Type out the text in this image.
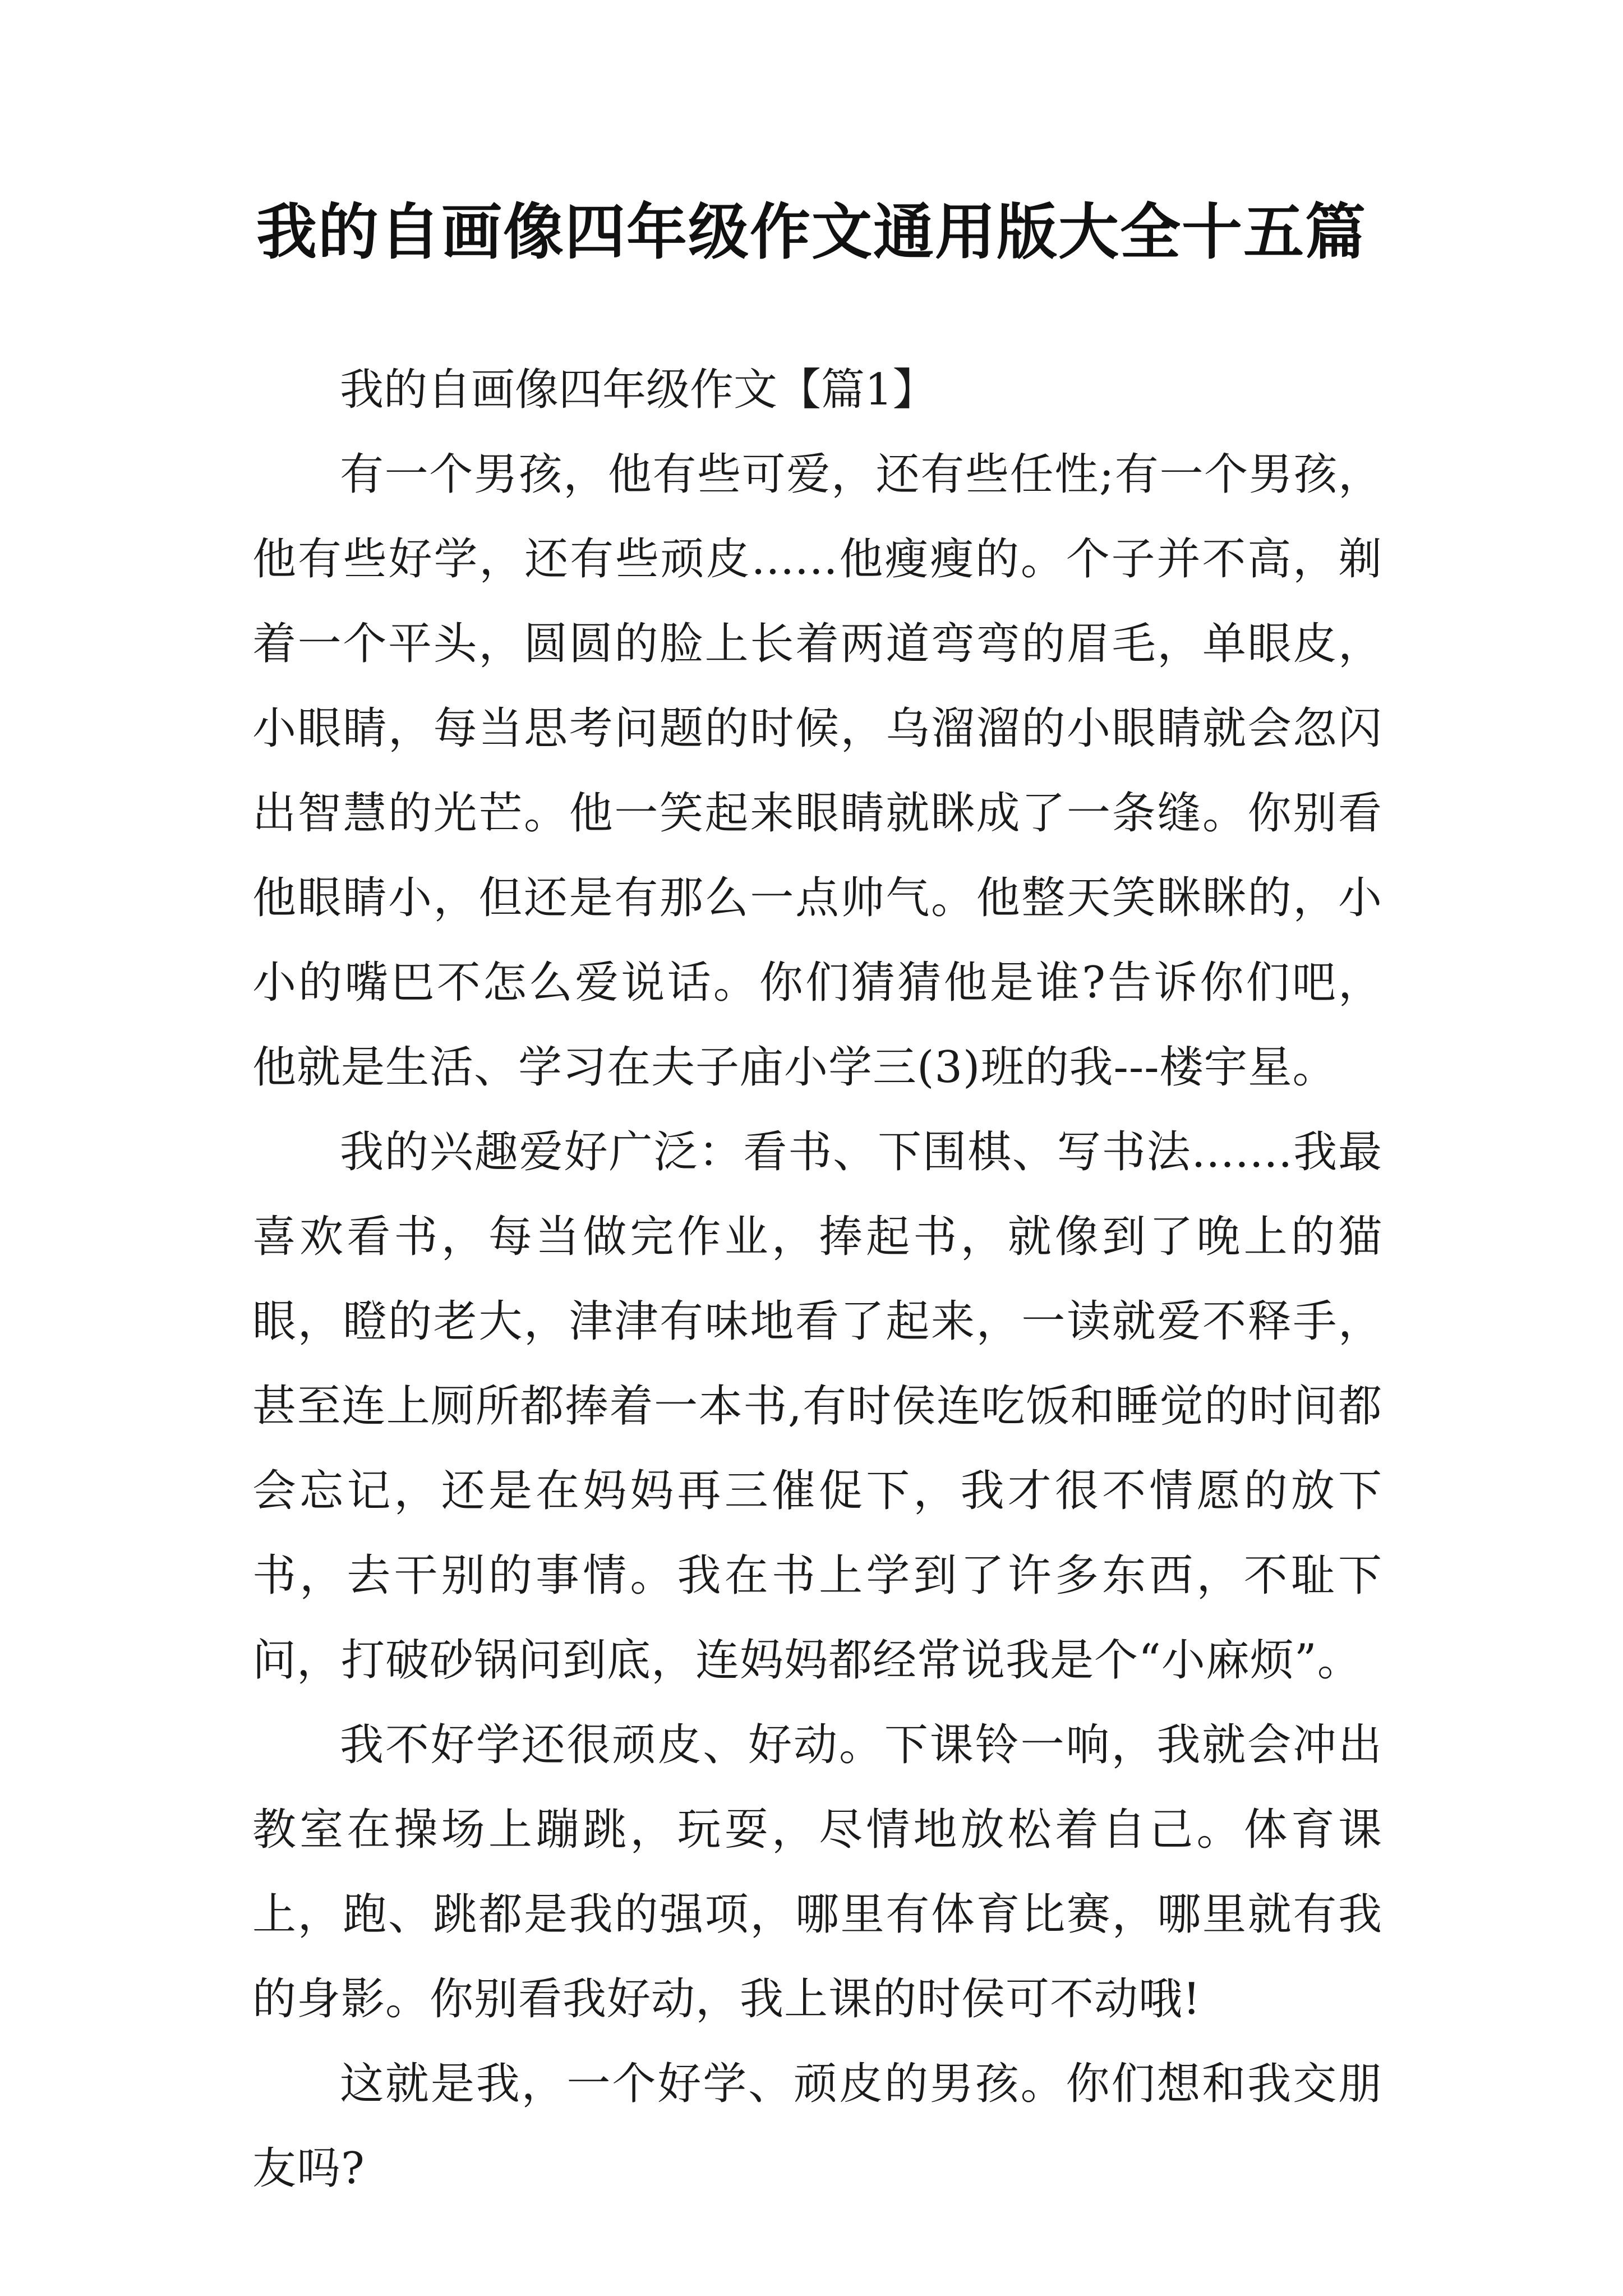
我的自画像四年级作文通用版大全十五篇

我的自画像四年级作文【篇1】

有一个男孩，他有些可爱，还有些任性;有一个男孩，他有些好学，还有些顽皮......他瘦瘦的。个子并不高，剃着一个平头，圆圆的脸上长着两道弯弯的眉毛，单眼皮，小眼睛，每当思考问题的时候，乌溜溜的小眼睛就会忽闪出智慧的光芒。他一笑起来眼睛就眯成了一条缝。你别看他眼睛小，但还是有那么一点帅气。他整天笑眯眯的，小小的嘴巴不怎么爱说话。你们猜猜他是谁?告诉你们吧，他就是生活、学习在夫子庙小学三(3)班的我---楼宇星。

我的兴趣爱好广泛：看书、下围棋、写书法.......我最喜欢看书，每当做完作业，捧起书，就像到了晚上的猫眼，瞪的老大，津津有味地看了起来，一读就爱不释手，甚至连上厕所都捧着一本书,有时侯连吃饭和睡觉的时间都会忘记，还是在妈妈再三催促下，我才很不情愿的放下书，去干别的事情。我在书上学到了许多东西，不耻下问，打破砂锅问到底，连妈妈都经常说我是个“小麻烦”。

我不好学还很顽皮、好动。下课铃一响，我就会冲出教室在操场上蹦跳，玩耍，尽情地放松着自己。体育课上，跑、跳都是我的强项，哪里有体育比赛，哪里就有我的身影。你别看我好动，我上课的时侯可不动哦!

这就是我，一个好学、顽皮的男孩。你们想和我交朋友吗?
